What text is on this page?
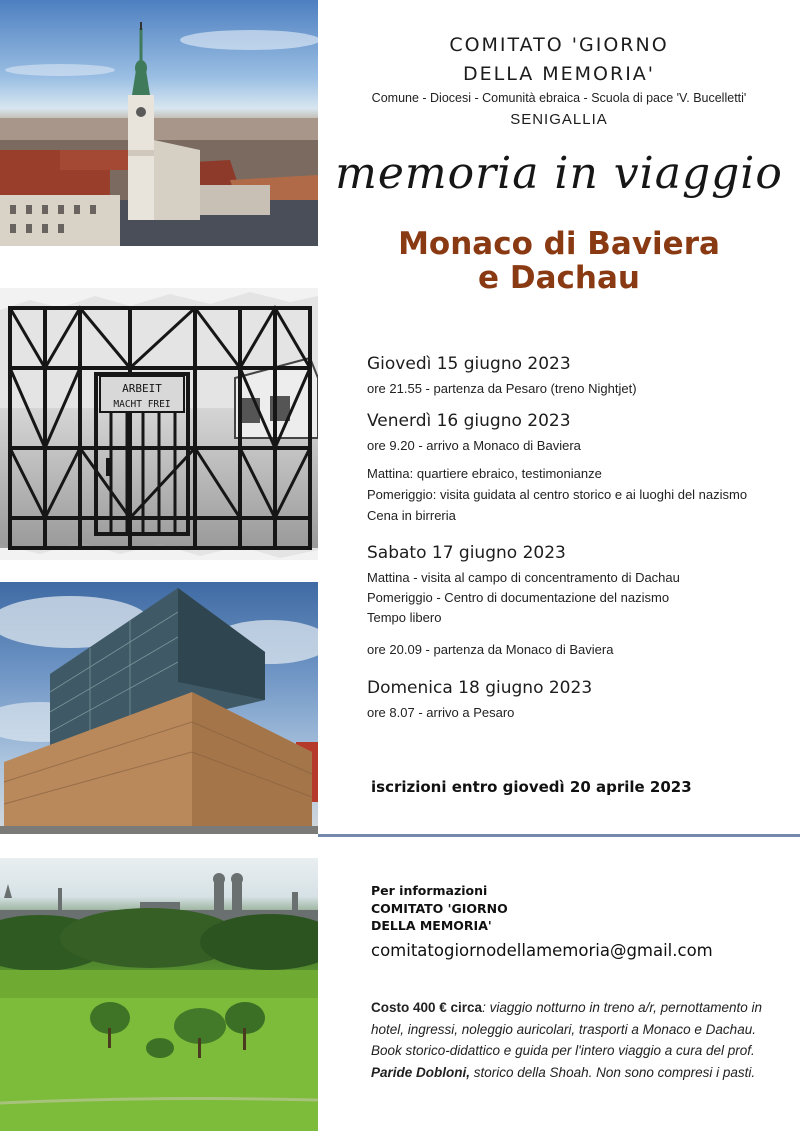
ARBEIT
MACHT FREI
COMITATO 'GIORNO
DELLA MEMORIA'
Comune - Diocesi - Comunità ebraica - Scuola di pace 'V. Bucelletti'
SENIGALLIA
memoria in viaggio
Monaco di Baviera
e Dachau
Giovedì 15 giugno 2023
ore 21.55 - partenza da Pesaro (treno Nightjet)
Venerdì 16 giugno 2023
ore 9.20 - arrivo a Monaco di Baviera
Mattina: quartiere ebraico, testimonianze
Pomeriggio: visita guidata al centro storico e ai luoghi del nazismo
Cena in birreria
Sabato 17 giugno 2023
Mattina - visita al campo di concentramento di Dachau
Pomeriggio - Centro di documentazione del nazismo
Tempo libero
ore 20.09 - partenza da Monaco di Baviera
Domenica 18 giugno 2023
ore 8.07 - arrivo a Pesaro
iscrizioni entro giovedì 20 aprile 2023
Per informazioni
COMITATO 'GIORNO
DELLA MEMORIA'
comitatogiornodellamemoria@gmail.com
Costo 400 € circa: viaggio notturno in treno a/r, pernottamento in hotel, ingressi, noleggio auricolari, trasporti a Monaco e Dachau. Book storico-didattico e guida per l'intero viaggio a cura del prof. Paride Dobloni, storico della Shoah. Non sono compresi i pasti.
